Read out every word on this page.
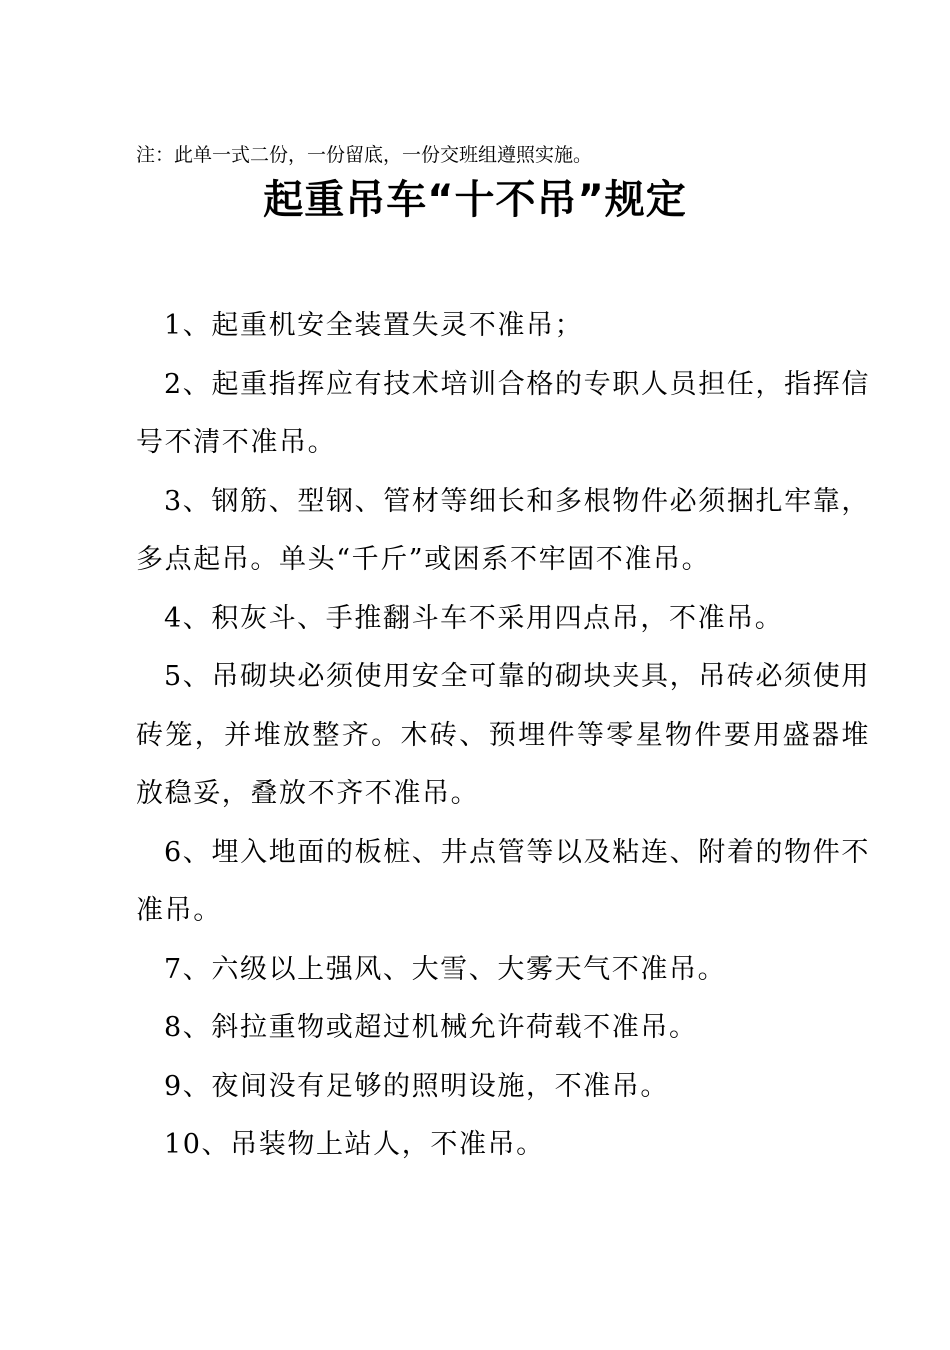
注：此单一式二份，一份留底，一份交班组遵照实施。
起重吊车“十不吊”规定
1、起重机安全装置失灵不准吊；
2、起重指挥应有技术培训合格的专职人员担任，指挥信号不清不准吊。
3、钢筋、型钢、管材等细长和多根物件必须捆扎牢靠，多点起吊。单头“千斤”或困系不牢固不准吊。
4、积灰斗、手推翻斗车不采用四点吊，不准吊。
5、吊砌块必须使用安全可靠的砌块夹具，吊砖必须使用砖笼，并堆放整齐。木砖、预埋件等零星物件要用盛器堆放稳妥，叠放不齐不准吊。
6、埋入地面的板桩、井点管等以及粘连、附着的物件不准吊。
7、六级以上强风、大雪、大雾天气不准吊。
8、斜拉重物或超过机械允许荷载不准吊。
9、夜间没有足够的照明设施，不准吊。
10、吊装物上站人，不准吊。
